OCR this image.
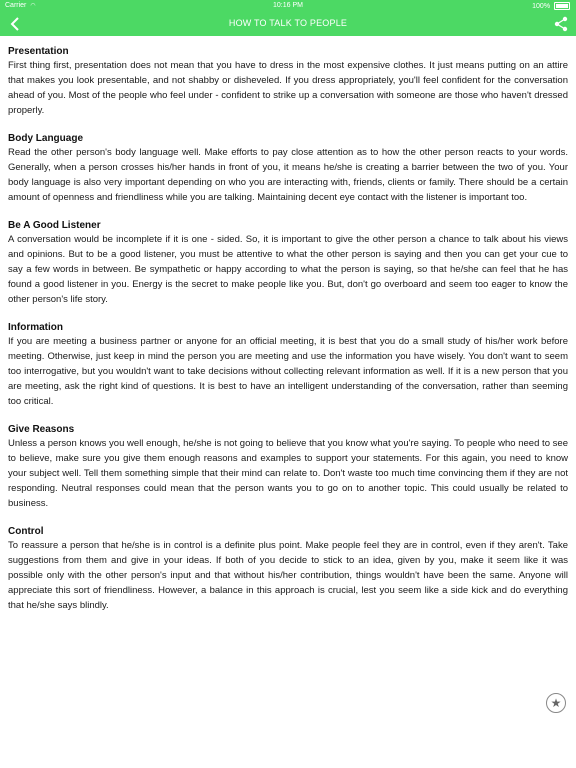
Carrier ◠	10:16 PM	100%
HOW TO TALK TO PEOPLE
Presentation

First thing first, presentation does not mean that you have to dress in the most expensive clothes. It just means putting on an attire that makes you look presentable, and not shabby or disheveled. If you dress appropriately, you'll feel confident for the conversation ahead of you. Most of the people who feel under - confident to strike up a conversation with someone are those who haven't dressed properly.

Body Language

Read the other person's body language well. Make efforts to pay close attention as to how the other person reacts to your words. Generally, when a person crosses his/her hands in front of you, it means he/she is creating a barrier between the two of you. Your body language is also very important depending on who you are interacting with, friends, clients or family. There should be a certain amount of openness and friendliness while you are talking. Maintaining decent eye contact with the listener is important too.

Be A Good Listener

A conversation would be incomplete if it is one - sided. So, it is important to give the other person a chance to talk about his views and opinions. But to be a good listener, you must be attentive to what the other person is saying and then you can get your cue to say a few words in between. Be sympathetic or happy according to what the person is saying, so that he/she can feel that he has found a good listener in you. Energy is the secret to make people like you. But, don't go overboard and seem too eager to know the other person's life story.

Information

If you are meeting a business partner or anyone for an official meeting, it is best that you do a small study of his/her work before meeting. Otherwise, just keep in mind the person you are meeting and use the information you have wisely. You don't want to seem too interrogative, but you wouldn't want to take decisions without collecting relevant information as well. If it is a new person that you are meeting, ask the right kind of questions. It is best to have an intelligent understanding of the conversation, rather than seeming too critical.

Give Reasons

Unless a person knows you well enough, he/she is not going to believe that you know what you're saying. To people who need to see to believe, make sure you give them enough reasons and examples to support your statements. For this again, you need to know your subject well. Tell them something simple that their mind can relate to. Don't waste too much time convincing them if they are not responding. Neutral responses could mean that the person wants you to go on to another topic. This could usually be related to business.

Control

To reassure a person that he/she is in control is a definite plus point. Make people feel they are in control, even if they aren't. Take suggestions from them and give in your ideas. If both of you decide to stick to an idea, given by you, make it seem like it was possible only with the other person's input and that without his/her contribution, things wouldn't have been the same. Anyone will appreciate this sort of friendliness. However, a balance in this approach is crucial, lest you seem like a side kick and do everything that he/she says blindly.

★
